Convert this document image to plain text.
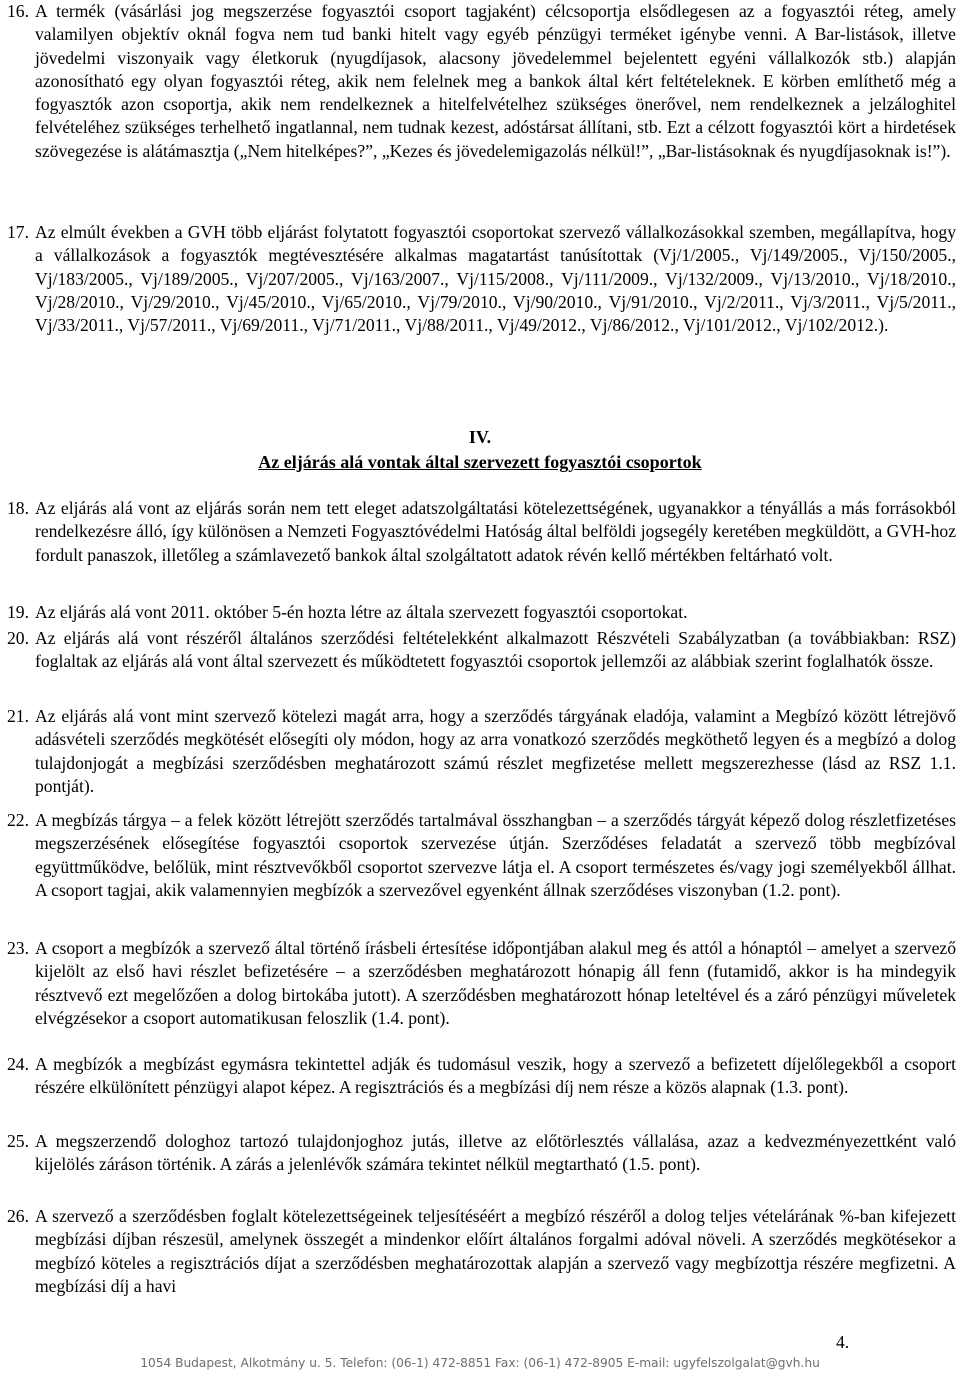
16. A termék (vásárlási jog megszerzése fogyasztói csoport tagjaként) célcsoportja elsődlegesen az a fogyasztói réteg, amely valamilyen objektív oknál fogva nem tud banki hitelt vagy egyéb pénzügyi terméket igénybe venni. A Bar-listások, illetve jövedelmi viszonyaik vagy életkoruk (nyugdíjasok, alacsony jövedelemmel bejelentett egyéni vállalkozók stb.) alapján azonosítható egy olyan fogyasztói réteg, akik nem felelnek meg a bankok által kért feltételeknek. E körben említhető még a fogyasztók azon csoportja, akik nem rendelkeznek a hitelfelvételhez szükséges önerővel, nem rendelkeznek a jelzáloghitel felvételéhez szükséges terhelhető ingatlannal, nem tudnak kezest, adóstársat állítani, stb. Ezt a célzott fogyasztói kört a hirdetések szövegezése is alátámasztja („Nem hitelképes?”, „Kezes és jövedelemigazolás nélkül!”, „Bar-listásoknak és nyugdíjasoknak is!”).
17. Az elmúlt években a GVH több eljárást folytatott fogyasztói csoportokat szervező vállalkozásokkal szemben, megállapítva, hogy a vállalkozások a fogyasztók megtévesztésére alkalmas magatartást tanúsítottak (Vj/1/2005., Vj/149/2005., Vj/150/2005., Vj/183/2005., Vj/189/2005., Vj/207/2005., Vj/163/2007., Vj/115/2008., Vj/111/2009., Vj/132/2009., Vj/13/2010., Vj/18/2010., Vj/28/2010., Vj/29/2010., Vj/45/2010., Vj/65/2010., Vj/79/2010., Vj/90/2010., Vj/91/2010., Vj/2/2011., Vj/3/2011., Vj/5/2011., Vj/33/2011., Vj/57/2011., Vj/69/2011., Vj/71/2011., Vj/88/2011., Vj/49/2012., Vj/86/2012., Vj/101/2012., Vj/102/2012.).
IV.
Az eljárás alá vontak által szervezett fogyasztói csoportok
18. Az eljárás alá vont az eljárás során nem tett eleget adatszolgáltatási kötelezettségének, ugyanakkor a tényállás a más forrásokból rendelkezésre álló, így különösen a Nemzeti Fogyasztóvédelmi Hatóság által belföldi jogsegély keretében megküldött, a GVH-hoz fordult panaszok, illetőleg a számlavezető bankok által szolgáltatott adatok révén kellő mértékben feltárható volt.
19. Az eljárás alá vont 2011. október 5-én hozta létre az általa szervezett fogyasztói csoportokat.
20. Az eljárás alá vont részéről általános szerződési feltételekként alkalmazott Részvételi Szabályzatban (a továbbiakban: RSZ) foglaltak az eljárás alá vont által szervezett és működtetett fogyasztói csoportok jellemzői az alábbiak szerint foglalhatók össze.
21. Az eljárás alá vont mint szervező kötelezi magát arra, hogy a szerződés tárgyának eladója, valamint a Megbízó között létrejövő adásvételi szerződés megkötését elősegíti oly módon, hogy az arra vonatkozó szerződés megköthető legyen és a megbízó a dolog tulajdonjogát a megbízási szerződésben meghatározott számú részlet megfizetése mellett megszerezhesse (lásd az RSZ 1.1. pontját).
22. A megbízás tárgya – a felek között létrejött szerződés tartalmával összhangban – a szerződés tárgyát képező dolog részletfizetéses megszerzésének elősegítése fogyasztói csoportok szervezése útján. Szerződéses feladatát a szervező több megbízóval együttműködve, belőlük, mint résztvevőkből csoportot szervezve látja el. A csoport természetes és/vagy jogi személyekből állhat. A csoport tagjai, akik valamennyien megbízók a szervezővel egyenként állnak szerződéses viszonyban (1.2. pont).
23. A csoport a megbízók a szervező által történő írásbeli értesítése időpontjában alakul meg és attól a hónaptól – amelyet a szervező kijelölt az első havi részlet befizetésére – a szerződésben meghatározott hónapig áll fenn (futamidő, akkor is ha mindegyik résztvevő ezt megelőzően a dolog birtokába jutott). A szerződésben meghatározott hónap leteltével és a záró pénzügyi műveletek elvégzésekor a csoport automatikusan feloszlik (1.4. pont).
24. A megbízók a megbízást egymásra tekintettel adják és tudomásul veszik, hogy a szervező a befizetett díjelőlegekből a csoport részére elkülönített pénzügyi alapot képez. A regisztrációs és a megbízási díj nem része a közös alapnak (1.3. pont).
25. A megszerzendő dologhoz tartozó tulajdonjoghoz jutás, illetve az előtörlesztés vállalása, azaz a kedvezményezettként való kijelölés záráson történik. A zárás a jelenlévők számára tekintet nélkül megtartható (1.5. pont).
26. A szervező a szerződésben foglalt kötelezettségeinek teljesítéséért a megbízó részéről a dolog teljes vételárának %-ban kifejezett megbízási díjban részesül, amelynek összegét a mindenkor előírt általános forgalmi adóval növeli. A szerződés megkötésekor a megbízó köteles a regisztrációs díjat a szerződésben meghatározottak alapján a szervező vagy megbízottja részére megfizetni. A megbízási díj a havi
4.
1054 Budapest, Alkotmány u. 5. Telefon: (06-1) 472-8851 Fax: (06-1) 472-8905 E-mail: ugyfelszolgalat@gvh.hu
